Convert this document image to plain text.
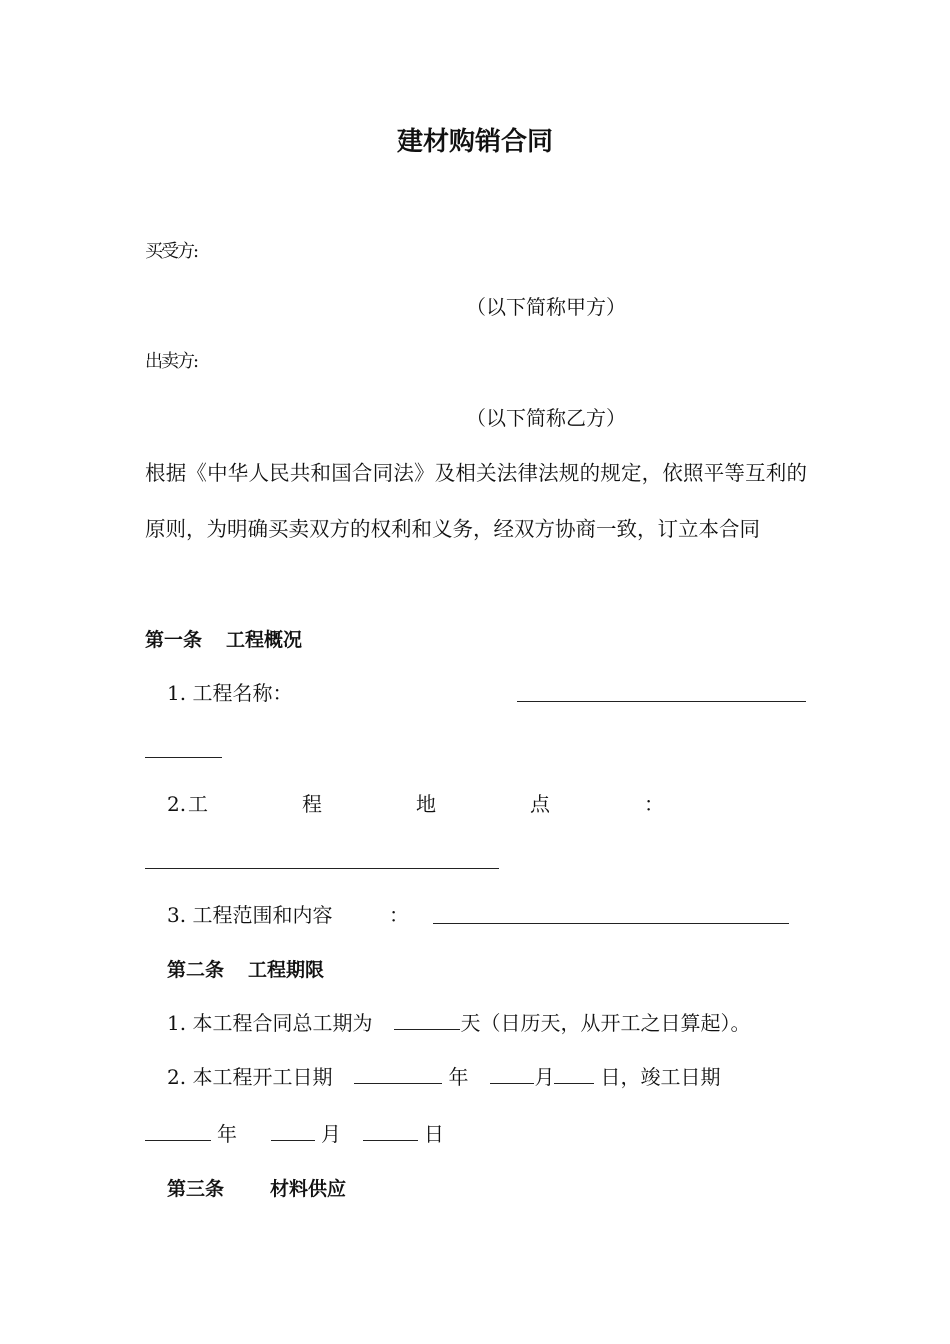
建材购销合同
买受方:
（以下简称甲方）
出卖方:
（以下简称乙方）
根据《中华人民共和国合同法》及相关法律法规的规定，依照平等互利的原则，为明确买卖双方的权利和义务，经双方协商一致，订立本合同
第一条 工程概况
1. 工程名称：
2. 工	程	地	点	：
3. 工程范围和内容	：
第二条 工程期限
1. 本工程合同总工期为	天（日历天，从开工之日算起）。
2. 本工程开工日期	年	月 日，竣工日期
年	月	日
第三条 材料供应
